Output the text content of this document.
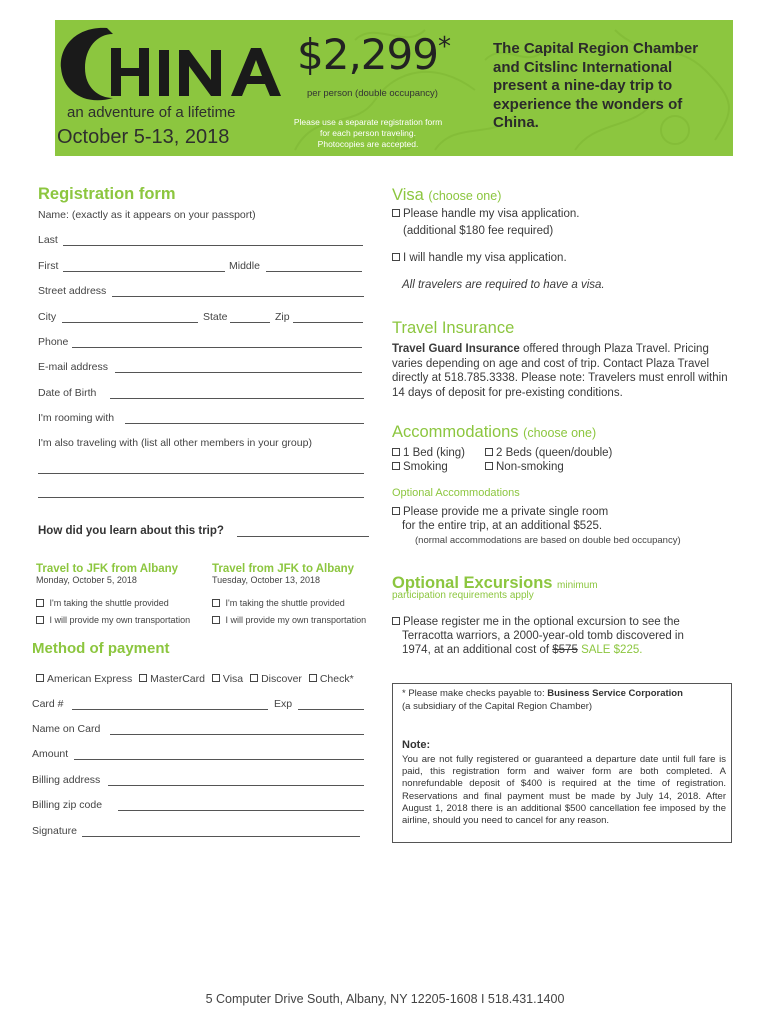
an adventure of a lifetime
October 5-13, 2018
$2,299*
per person (double occupancy)
Please use a separate registration form
for each person traveling.
Photocopies are accepted.
The Capital Region Chamber and Citslinc International present a nine-day trip to experience the wonders of China.
Registration form
Name: (exactly as it appears on your passport)
Last
First	Middle
Street address
City	State	Zip
Phone
E-mail address
Date of Birth
I'm rooming with
I'm also traveling with (list all other members in your group)
How did you learn about this trip?
Travel to JFK from Albany
Monday, October 5, 2018
Travel from JFK to Albany
Tuesday, October 13, 2018
I'm taking the shuttle provided	I'm taking the shuttle provided
I will provide my own transportation	I will provide my own transportation
Method of payment
American Express MasterCard Visa Discover Check*
Card #	Exp
Name on Card
Amount
Billing address
Billing zip code
Signature
Visa (choose one)
Please handle my visa application.
(additional $180 fee required)
I will handle my visa application.
All travelers are required to have a visa.
Travel Insurance
Travel Guard Insurance offered through Plaza Travel. Pricing varies depending on age and cost of trip. Contact Plaza Travel directly at 518.785.3338. Please note: Travelers must enroll within 14 days of deposit for pre-existing conditions.
Accommodations (choose one)
1 Bed (king)	2 Beds (queen/double)
Smoking	Non-smoking
Optional Accommodations
Please provide me a private single room
for the entire trip, at an additional $525.
(normal accommodations are based on double bed occupancy)
Optional Excursions minimum
participation requirements apply
Please register me in the optional excursion to see the
Terracotta warriors, a 2000-year-old tomb discovered in
1974, at an additional cost of $575 SALE $225.
* Please make checks payable to: Business Service Corporation
(a subsidiary of the Capital Region Chamber)
Note:
You are not fully registered or guaranteed a departure date until full fare is paid, this registration form and waiver form are both completed. A nonrefundable deposit of $400 is required at the time of registration. Reservations and final payment must be made by July 14, 2018. After August 1, 2018 there is an additional $500 cancellation fee imposed by the airline, should you need to cancel for any reason.
5 Computer Drive South, Albany, NY 12205-1608 I 518.431.1400
